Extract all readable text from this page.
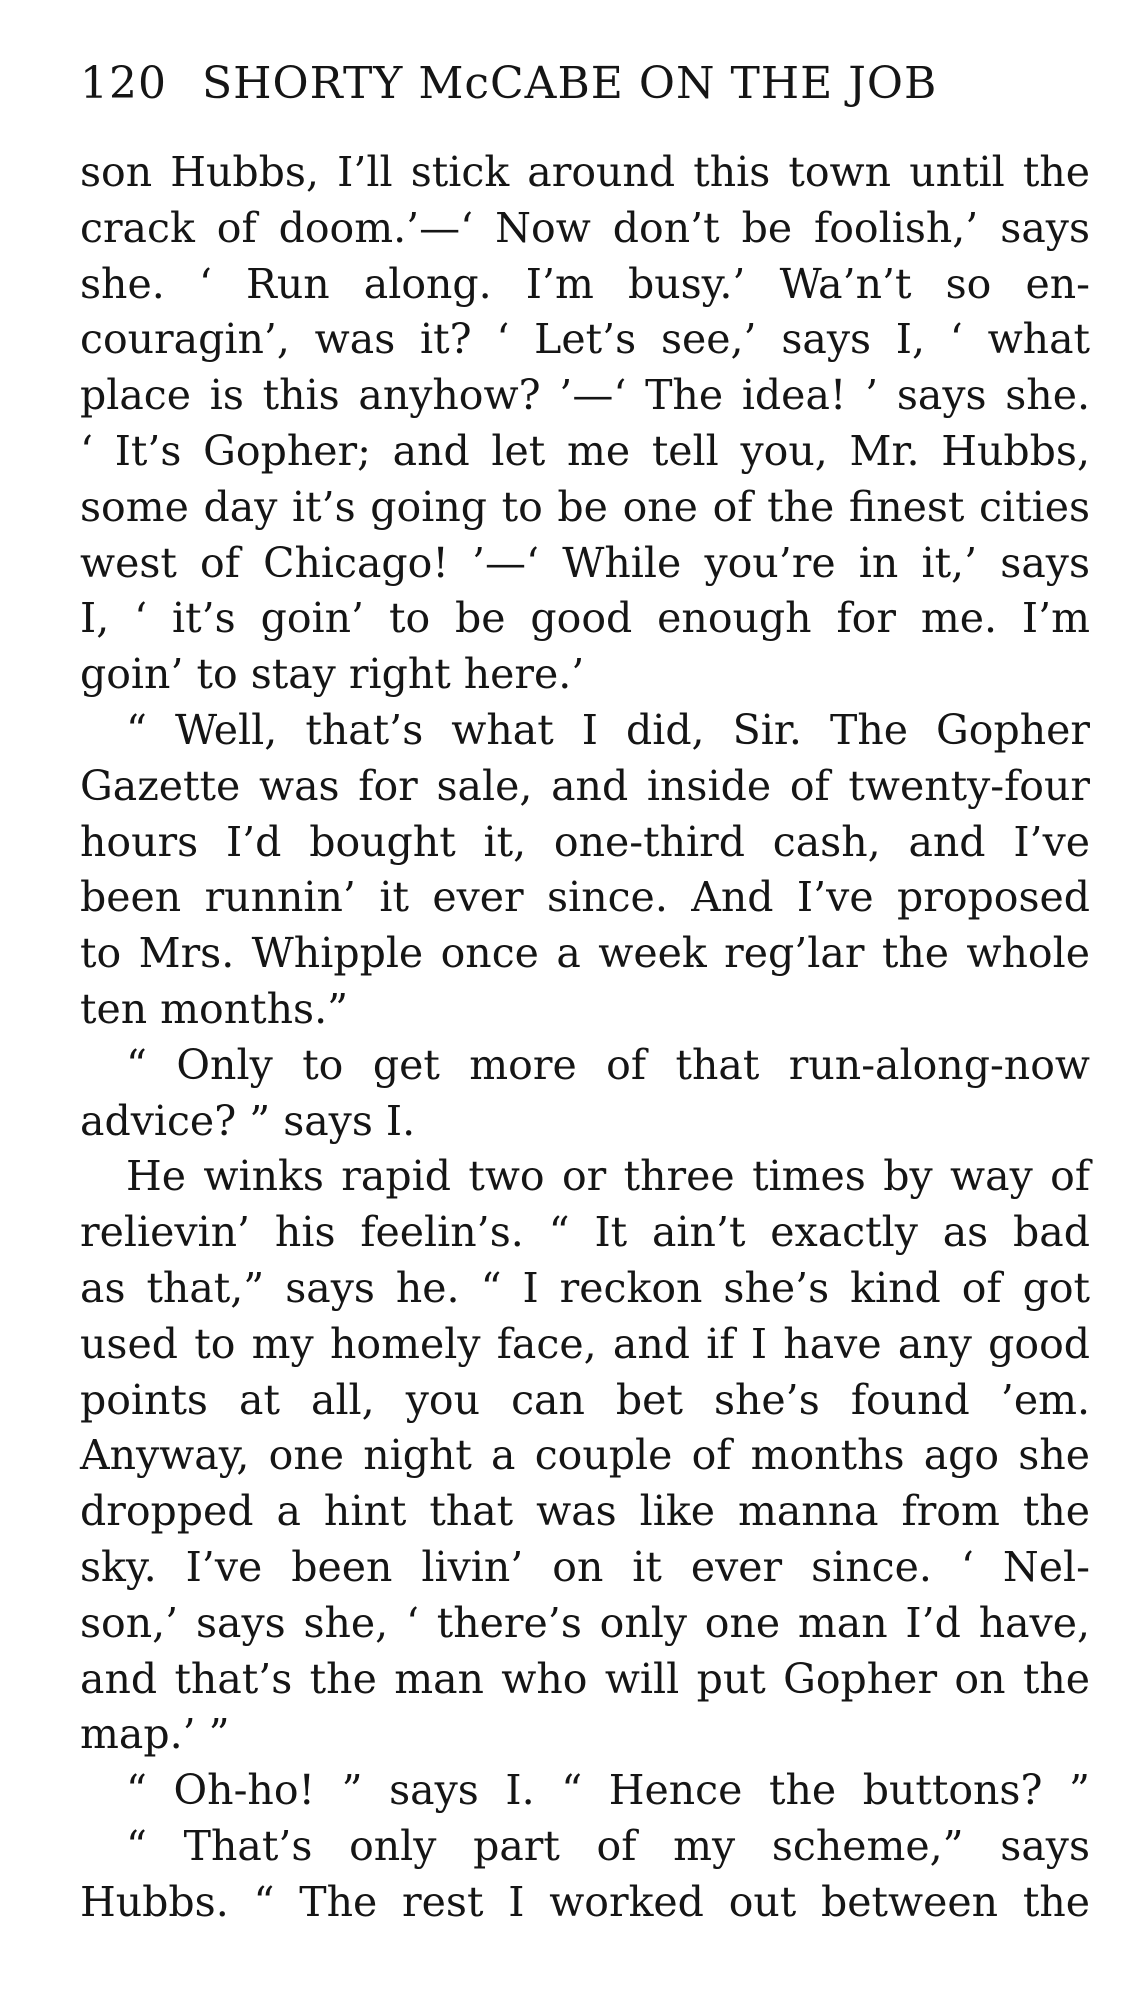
120 SHORTY McCABE ON THE JOB
son Hubbs, I’ll stick around this town until the
crack of doom.’—‘ Now don’t be foolish,’ says
she. ‘ Run along. I’m busy.’ Wa’n’t so en-
couragin’, was it? ‘ Let’s see,’ says I, ‘ what
place is this anyhow? ’—‘ The idea! ’ says she.
‘ It’s Gopher; and let me tell you, Mr. Hubbs,
some day it’s going to be one of the finest cities
west of Chicago! ’—‘ While you’re in it,’ says
I, ‘ it’s goin’ to be good enough for me. I’m
goin’ to stay right here.’
“ Well, that’s what I did, Sir. The Gopher
Gazette was for sale, and inside of twenty-four
hours I’d bought it, one-third cash, and I’ve
been runnin’ it ever since. And I’ve proposed
to Mrs. Whipple once a week reg’lar the whole
ten months.”
“ Only to get more of that run-along-now
advice? ” says I.
He winks rapid two or three times by way of
relievin’ his feelin’s. “ It ain’t exactly as bad
as that,” says he. “ I reckon she’s kind of got
used to my homely face, and if I have any good
points at all, you can bet she’s found ’em.
Anyway, one night a couple of months ago she
dropped a hint that was like manna from the
sky. I’ve been livin’ on it ever since. ‘ Nel-
son,’ says she, ‘ there’s only one man I’d have,
and that’s the man who will put Gopher on the
map.’ ”
“ Oh-ho! ” says I. “ Hence the buttons? ”
“ That’s only part of my scheme,” says
Hubbs. “ The rest I worked out between the
